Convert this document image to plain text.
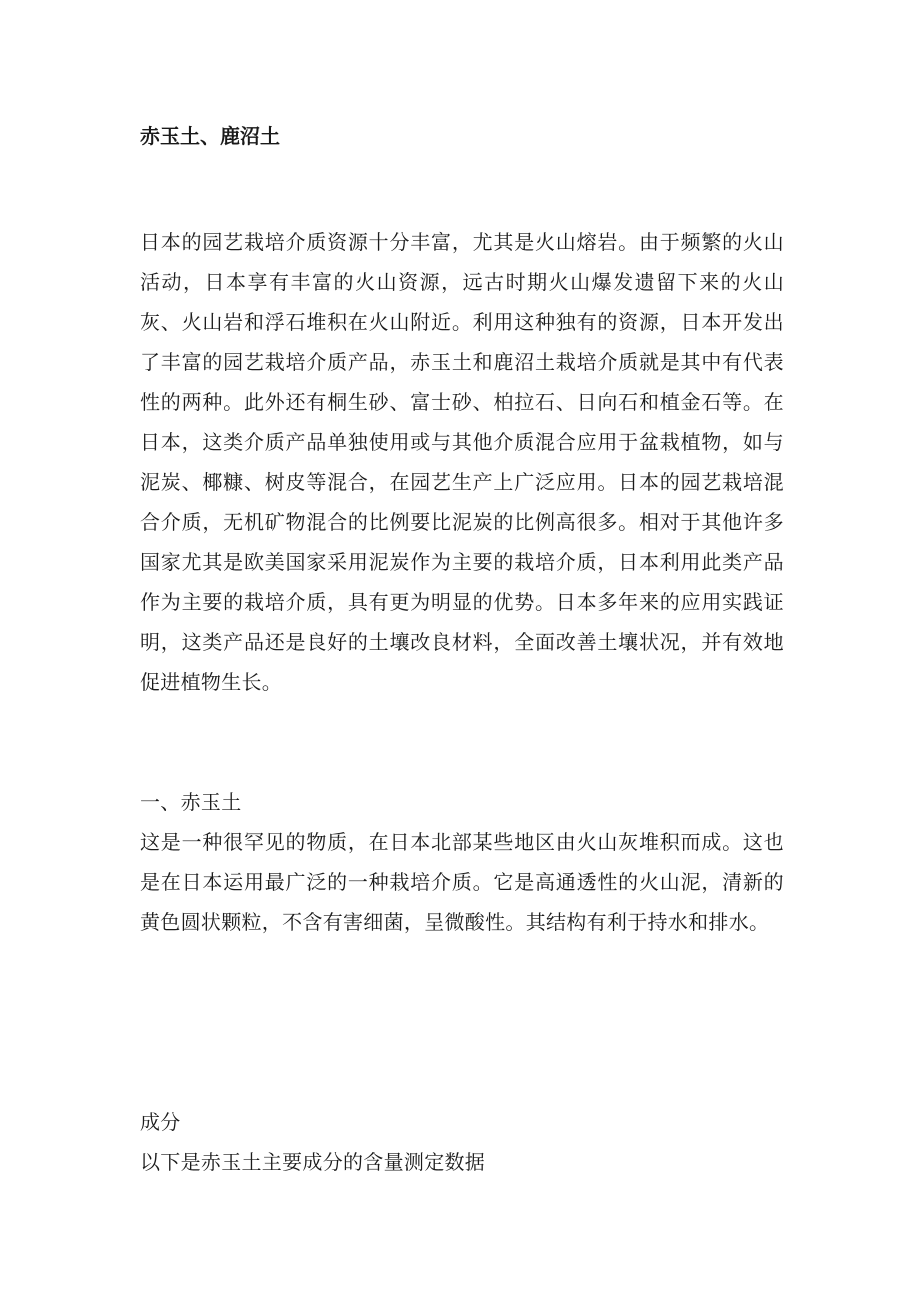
赤玉土、鹿沼土

日本的园艺栽培介质资源十分丰富，尤其是火山熔岩。由于频繁的火山活动，日本享有丰富的火山资源，远古时期火山爆发遗留下来的火山灰、火山岩和浮石堆积在火山附近。利用这种独有的资源，日本开发出了丰富的园艺栽培介质产品，赤玉土和鹿沼土栽培介质就是其中有代表性的两种。此外还有桐生砂、富士砂、柏拉石、日向石和植金石等。在日本，这类介质产品单独使用或与其他介质混合应用于盆栽植物，如与泥炭、椰糠、树皮等混合，在园艺生产上广泛应用。日本的园艺栽培混合介质，无机矿物混合的比例要比泥炭的比例高很多。相对于其他许多国家尤其是欧美国家采用泥炭作为主要的栽培介质，日本利用此类产品作为主要的栽培介质，具有更为明显的优势。日本多年来的应用实践证明，这类产品还是良好的土壤改良材料，全面改善土壤状况，并有效地促进植物生长。

一、赤玉土

这是一种很罕见的物质，在日本北部某些地区由火山灰堆积而成。这也是在日本运用最广泛的一种栽培介质。它是高通透性的火山泥，清新的黄色圆状颗粒，不含有害细菌，呈微酸性。其结构有利于持水和排水。

成分

以下是赤玉土主要成分的含量测定数据
